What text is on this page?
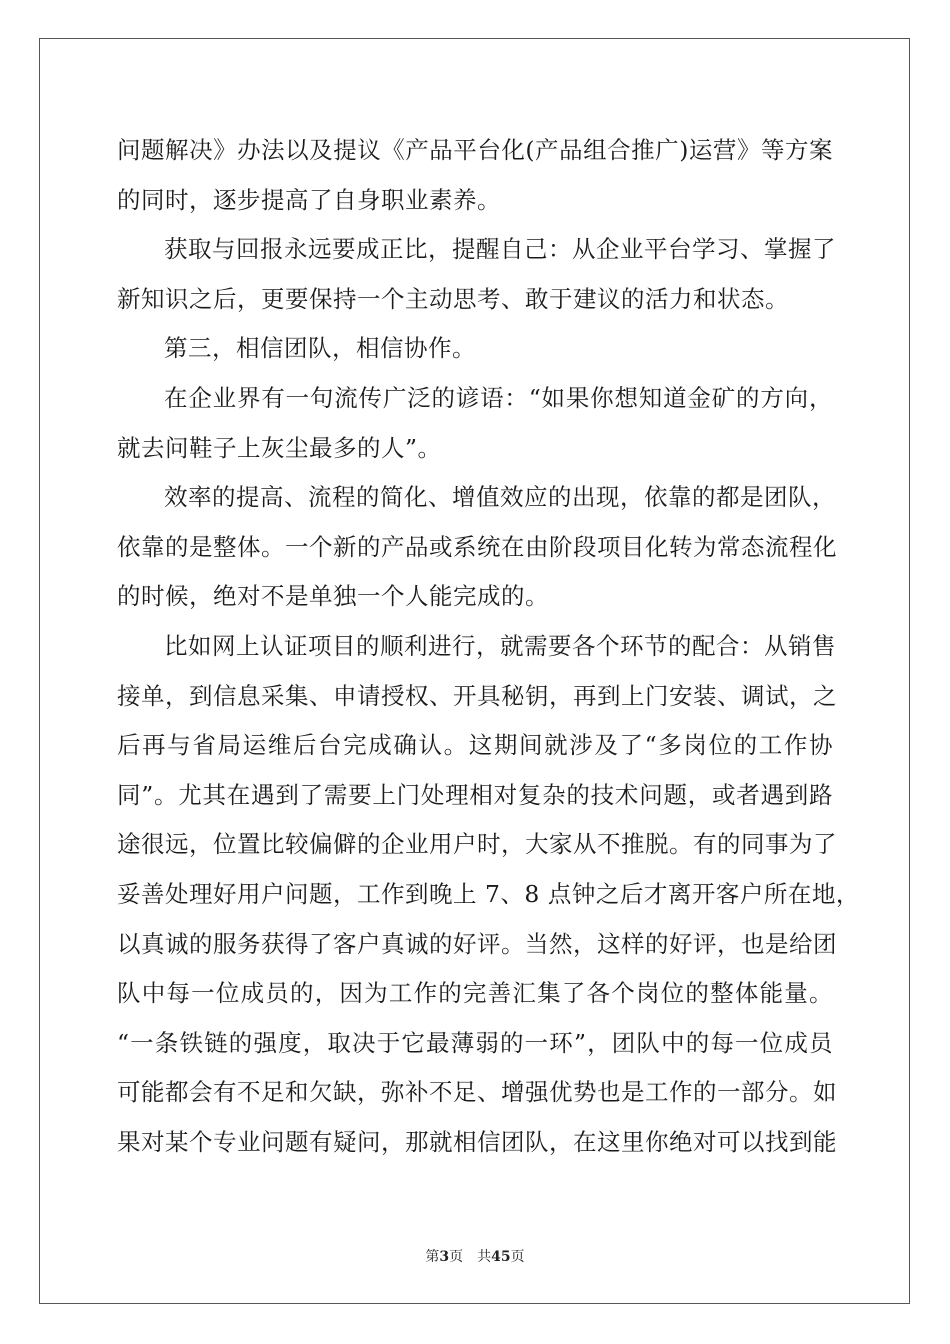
问题解决》办法以及提议《产品平台化(产品组合推广)运营》等方案
的同时，逐步提高了自身职业素养。
获取与回报永远要成正比，提醒自己：从企业平台学习、掌握了
新知识之后，更要保持一个主动思考、敢于建议的活力和状态。
第三，相信团队，相信协作。
在企业界有一句流传广泛的谚语：“如果你想知道金矿的方向，
就去问鞋子上灰尘最多的人”。
效率的提高、流程的简化、增值效应的出现，依靠的都是团队，
依靠的是整体。一个新的产品或系统在由阶段项目化转为常态流程化
的时候，绝对不是单独一个人能完成的。
比如网上认证项目的顺利进行，就需要各个环节的配合：从销售
接单，到信息采集、申请授权、开具秘钥，再到上门安装、调试，之
后再与省局运维后台完成确认。这期间就涉及了“多岗位的工作协
同”。尤其在遇到了需要上门处理相对复杂的技术问题，或者遇到路
途很远，位置比较偏僻的企业用户时，大家从不推脱。有的同事为了
妥善处理好用户问题，工作到晚上 7、8 点钟之后才离开客户所在地，
以真诚的服务获得了客户真诚的好评。当然，这样的好评，也是给团
队中每一位成员的，因为工作的完善汇集了各个岗位的整体能量。
“一条铁链的强度，取决于它最薄弱的一环”，团队中的每一位成员
可能都会有不足和欠缺，弥补不足、增强优势也是工作的一部分。如
果对某个专业问题有疑问，那就相信团队，在这里你绝对可以找到能
第3页 共45页
